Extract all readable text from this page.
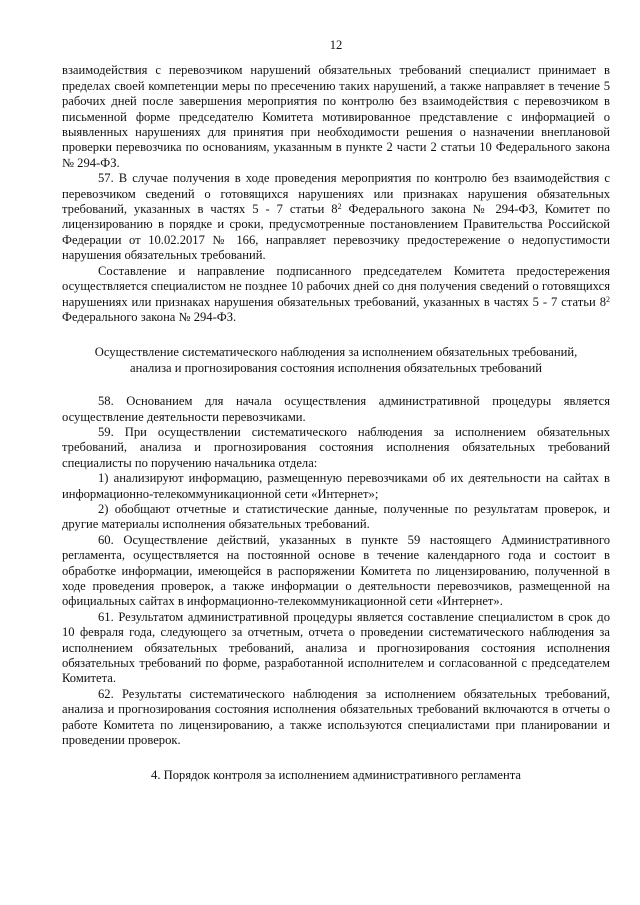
12

взаимодействия с перевозчиком нарушений обязательных требований специалист принимает в пределах своей компетенции меры по пресечению таких нарушений, а также направляет в течение 5 рабочих дней после завершения мероприятия по контролю без взаимодействия с перевозчиком в письменной форме председателю Комитета мотивированное представление с информацией о выявленных нарушениях для принятия при необходимости решения о назначении внеплановой проверки перевозчика по основаниям, указанным в пункте 2 части 2 статьи 10 Федерального закона № 294-ФЗ.

57. В случае получения в ходе проведения мероприятия по контролю без взаимодействия с перевозчиком сведений о готовящихся нарушениях или признаках нарушения обязательных требований, указанных в частях 5 - 7 статьи $8^2$ Федерального закона № 294-ФЗ, Комитет по лицензированию в порядке и сроки, предусмотренные постановлением Правительства Российской Федерации от 10.02.2017 № 166, направляет перевозчику предостережение о недопустимости нарушения обязательных требований.

Составление и направление подписанного председателем Комитета предостережения осуществляется специалистом не позднее 10 рабочих дней со дня получения сведений о готовящихся нарушениях или признаках нарушения обязательных требований, указанных в частях 5 - 7 статьи $8^2$ Федерального закона № 294-ФЗ.

Осуществление систематического наблюдения за исполнением обязательных требований,
анализа и прогнозирования состояния исполнения обязательных требований

58. Основанием для начала осуществления административной процедуры является осуществление деятельности перевозчиками.

59. При осуществлении систематического наблюдения за исполнением обязательных требований, анализа и прогнозирования состояния исполнения обязательных требований специалисты по поручению начальника отдела:

1) анализируют информацию, размещенную перевозчиками об их деятельности на сайтах в информационно-телекоммуникационной сети «Интернет»;

2) обобщают отчетные и статистические данные, полученные по результатам проверок, и другие материалы исполнения обязательных требований.

60. Осуществление действий, указанных в пункте 59 настоящего Административного регламента, осуществляется на постоянной основе в течение календарного года и состоит в обработке информации, имеющейся в распоряжении Комитета по лицензированию, полученной в ходе проведения проверок, а также информации о деятельности перевозчиков, размещенной на официальных сайтах в информационно-телекоммуникационной сети «Интернет».

61. Результатом административной процедуры является составление специалистом в срок до 10 февраля года, следующего за отчетным, отчета о проведении систематического наблюдения за исполнением обязательных требований, анализа и прогнозирования состояния исполнения обязательных требований по форме, разработанной исполнителем и согласованной с председателем Комитета.

62. Результаты систематического наблюдения за исполнением обязательных требований, анализа и прогнозирования состояния исполнения обязательных требований включаются в отчеты о работе Комитета по лицензированию, а также используются специалистами при планировании и проведении проверок.

4. Порядок контроля за исполнением административного регламента
